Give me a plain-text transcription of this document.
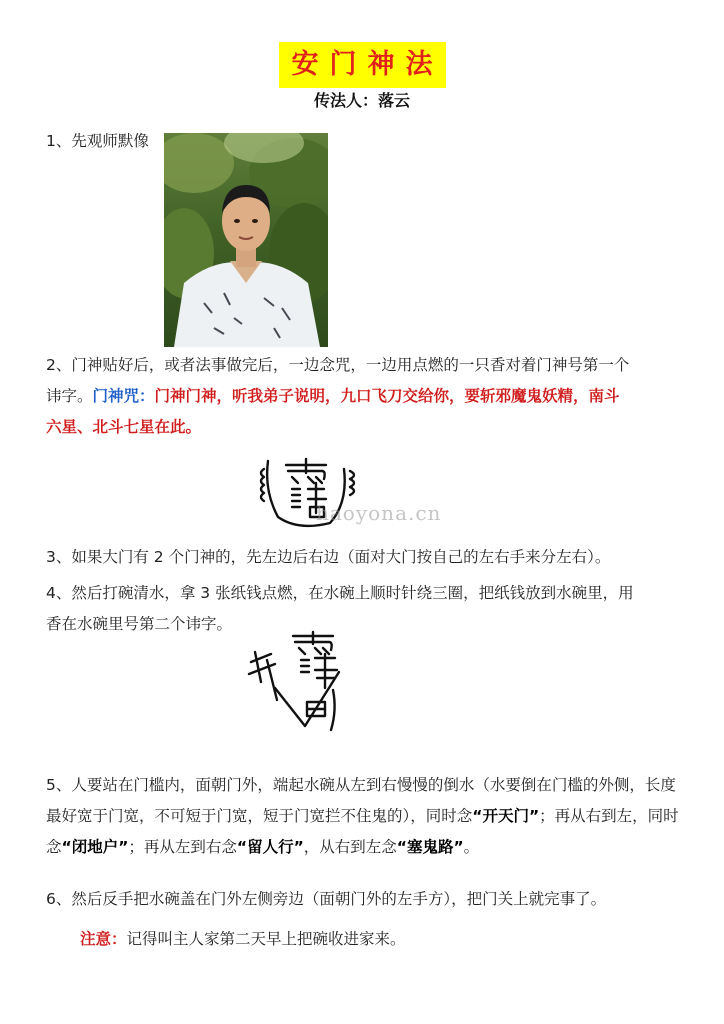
安门神法
传法人：落云
1、先观师默像
2、门神贴好后，或者法事做完后，一边念咒，一边用点燃的一只香对着门神号第一个
讳字。门神咒：门神门神，听我弟子说明，九口飞刀交给你，要斩邪魔鬼妖精，南斗
六星、北斗七星在此。
haoyona.cn
3、如果大门有 2 个门神的，先左边后右边（面对大门按自己的左右手来分左右）。
4、然后打碗清水，拿 3 张纸钱点燃，在水碗上顺时针绕三圈，把纸钱放到水碗里，用
香在水碗里号第二个讳字。
5、人要站在门槛内，面朝门外，端起水碗从左到右慢慢的倒水（水要倒在门槛的外侧，长度最好宽于门宽，不可短于门宽，短于门宽拦不住鬼的），同时念“开天门”；再从右到左，同时念“闭地户”；再从左到右念“留人行”，从右到左念“塞鬼路”。
6、然后反手把水碗盖在门外左侧旁边（面朝门外的左手方），把门关上就完事了。
注意：记得叫主人家第二天早上把碗收进家来。
